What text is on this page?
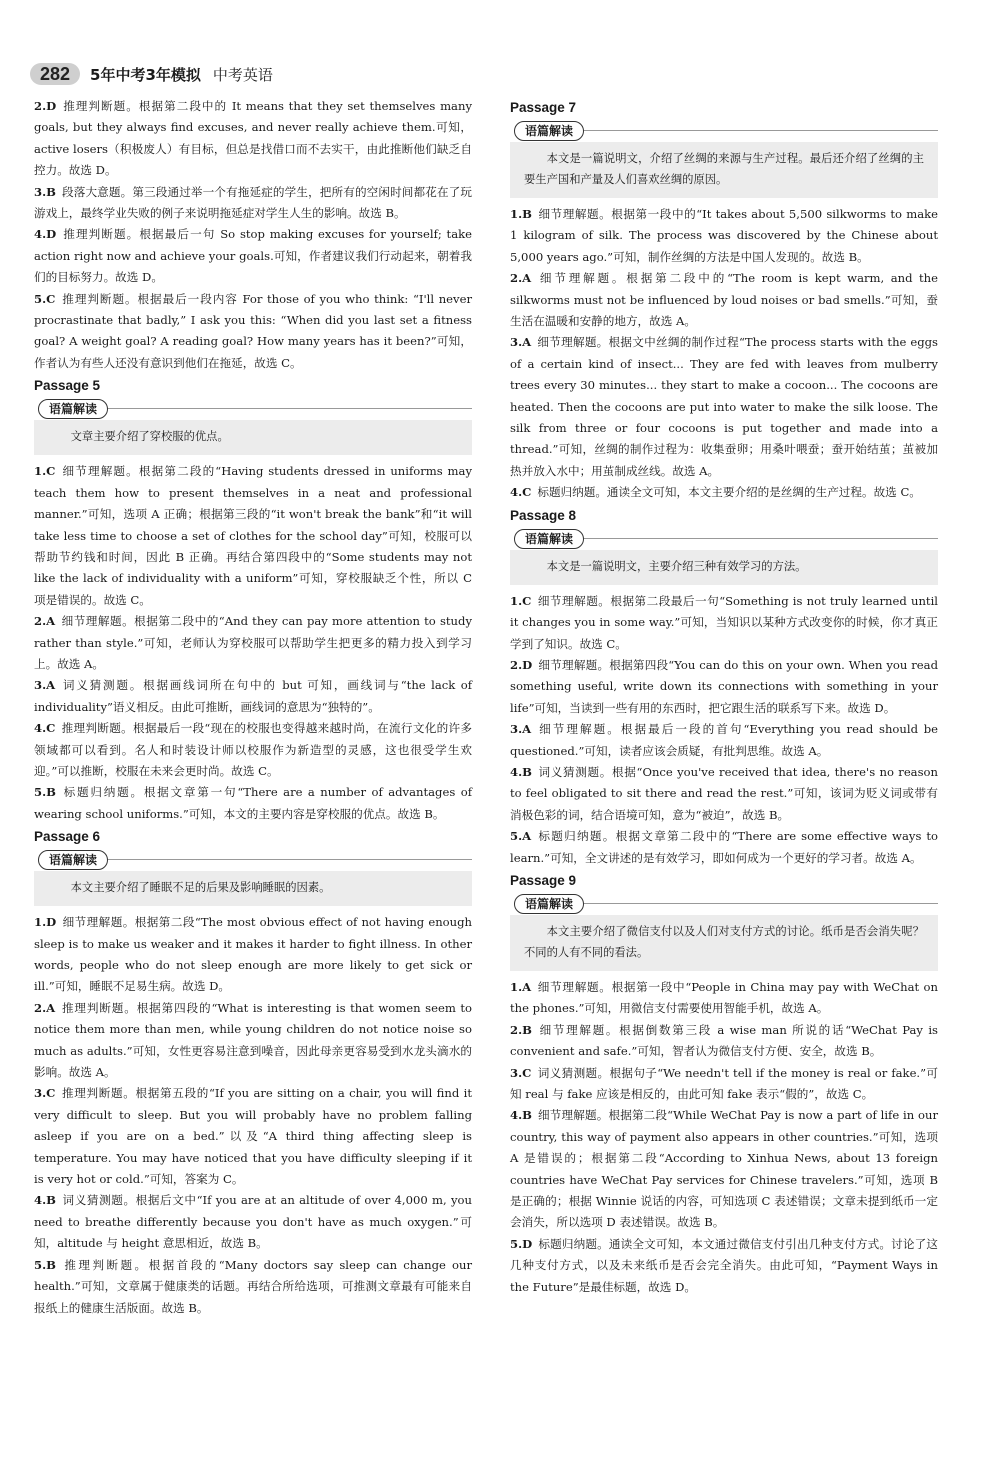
282	5年中考3年模拟 中考英语

2.D 推理判断题。根据第二段中的 It means that they set themselves many goals, but they always find excuses, and never really achieve them.可知，active losers（积极废人）有目标，但总是找借口而不去实干，由此推断他们缺乏自控力。故选 D。

3.B 段落大意题。第三段通过举一个有拖延症的学生，把所有的空闲时间都花在了玩游戏上，最终学业失败的例子来说明拖延症对学生人生的影响。故选 B。

4.D 推理判断题。根据最后一句 So stop making excuses for yourself; take action right now and achieve your goals.可知，作者建议我们行动起来，朝着我们的目标努力。故选 D。

5.C 推理判断题。根据最后一段内容 For those of you who think: “I'll never procrastinate that badly,” I ask you this: “When did you last set a fitness goal? A weight goal? A reading goal? How many years has it been?”可知，作者认为有些人还没有意识到他们在拖延，故选 C。

Passage 5
语篇解读

文章主要介绍了穿校服的优点。

1.C 细节理解题。根据第二段的“Having students dressed in uniforms may teach them how to present themselves in a neat and professional manner.”可知，选项 A 正确；根据第三段的“it won't break the bank”和“it will take less time to choose a set of clothes for the school day”可知，校服可以帮助节约钱和时间，因此 B 正确。再结合第四段中的“Some students may not like the lack of individuality with a uniform”可知，穿校服缺乏个性，所以 C 项是错误的。故选 C。

2.A 细节理解题。根据第二段中的“And they can pay more attention to study rather than style.”可知，老师认为穿校服可以帮助学生把更多的精力投入到学习上。故选 A。

3.A 词义猜测题。根据画线词所在句中的 but 可知，画线词与“the lack of individuality”语义相反。由此可推断，画线词的意思为“独特的”。

4.C 推理判断题。根据最后一段“现在的校服也变得越来越时尚，在流行文化的许多领域都可以看到。名人和时装设计师以校服作为新造型的灵感，这也很受学生欢迎。”可以推断，校服在未来会更时尚。故选 C。

5.B 标题归纳题。根据文章第一句“There are a number of advantages of wearing school uniforms.”可知，本文的主要内容是穿校服的优点。故选 B。

Passage 6
语篇解读

本文主要介绍了睡眠不足的后果及影响睡眠的因素。

1.D 细节理解题。根据第二段“The most obvious effect of not having enough sleep is to make us weaker and it makes it harder to fight illness. In other words, people who do not sleep enough are more likely to get sick or ill.”可知，睡眠不足易生病。故选 D。

2.A 推理判断题。根据第四段的“What is interesting is that women seem to notice them more than men, while young children do not notice noise so much as adults.”可知，女性更容易注意到噪音，因此母亲更容易受到水龙头滴水的影响。故选 A。

3.C 推理判断题。根据第五段的“If you are sitting on a chair, you will find it very difficult to sleep. But you will probably have no problem falling asleep if you are on a bed.”以及“A third thing affecting sleep is temperature. You may have noticed that you have difficulty sleeping if it is very hot or cold.”可知，答案为 C。

4.B 词义猜测题。根据后文中“If you are at an altitude of over 4,000 m, you need to breathe differently because you don't have as much oxygen.”可知，altitude 与 height 意思相近，故选 B。

5.B 推理判断题。根据首段的“Many doctors say sleep can change our health.”可知，文章属于健康类的话题。再结合所给选项，可推测文章最有可能来自报纸上的健康生活版面。故选 B。

Passage 7
语篇解读

本文是一篇说明文，介绍了丝绸的来源与生产过程。最后还介绍了丝绸的主要生产国和产量及人们喜欢丝绸的原因。

1.B 细节理解题。根据第一段中的“It takes about 5,500 silkworms to make 1 kilogram of silk. The process was discovered by the Chinese about 5,000 years ago.”可知，制作丝绸的方法是中国人发现的。故选 B。

2.A 细节理解题。根据第二段中的“The room is kept warm, and the silkworms must not be influenced by loud noises or bad smells.”可知，蚕生活在温暖和安静的地方，故选 A。

3.A 细节理解题。根据文中丝绸的制作过程“The process starts with the eggs of a certain kind of insect... They are fed with leaves from mulberry trees every 30 minutes... they start to make a cocoon... The cocoons are heated. Then the cocoons are put into water to make the silk loose. The silk from three or four cocoons is put together and made into a thread.”可知，丝绸的制作过程为：收集蚕卵；用桑叶喂蚕；蚕开始结茧；茧被加热并放入水中；用茧制成丝线。故选 A。

4.C 标题归纳题。通读全文可知，本文主要介绍的是丝绸的生产过程。故选 C。

Passage 8
语篇解读

本文是一篇说明文，主要介绍三种有效学习的方法。

1.C 细节理解题。根据第二段最后一句“Something is not truly learned until it changes you in some way.”可知，当知识以某种方式改变你的时候，你才真正学到了知识。故选 C。

2.D 细节理解题。根据第四段“You can do this on your own. When you read something useful, write down its connections with something in your life”可知，当读到一些有用的东西时，把它跟生活的联系写下来。故选 D。

3.A 细节理解题。根据最后一段的首句“Everything you read should be questioned.”可知，读者应该会质疑，有批判思维。故选 A。

4.B 词义猜测题。根据“Once you've received that idea, there's no reason to feel obligated to sit there and read the rest.”可知，该词为贬义词或带有消极色彩的词，结合语境可知，意为“被迫”，故选 B。

5.A 标题归纳题。根据文章第二段中的“There are some effective ways to learn.”可知，全文讲述的是有效学习，即如何成为一个更好的学习者。故选 A。

Passage 9
语篇解读

本文主要介绍了微信支付以及人们对支付方式的讨论。纸币是否会消失呢？不同的人有不同的看法。

1.A 细节理解题。根据第一段中“People in China may pay with WeChat on the phones.”可知，用微信支付需要使用智能手机，故选 A。

2.B 细节理解题。根据倒数第三段 a wise man 所说的话“WeChat Pay is convenient and safe.”可知，智者认为微信支付方便、安全，故选 B。

3.C 词义猜测题。根据句子“We needn't tell if the money is real or fake.”可知 real 与 fake 应该是相反的，由此可知 fake 表示“假的”，故选 C。

4.B 细节理解题。根据第二段“While WeChat Pay is now a part of life in our country, this way of payment also appears in other countries.”可知，选项 A 是错误的；根据第二段“According to Xinhua News, about 13 foreign countries have WeChat Pay services for Chinese travelers.”可知，选项 B 是正确的；根据 Winnie 说话的内容，可知选项 C 表述错误；文章未提到纸币一定会消失，所以选项 D 表述错误。故选 B。

5.D 标题归纳题。通读全文可知，本文通过微信支付引出几种支付方式。讨论了这几种支付方式，以及未来纸币是否会完全消失。由此可知，“Payment Ways in the Future”是最佳标题，故选 D。
